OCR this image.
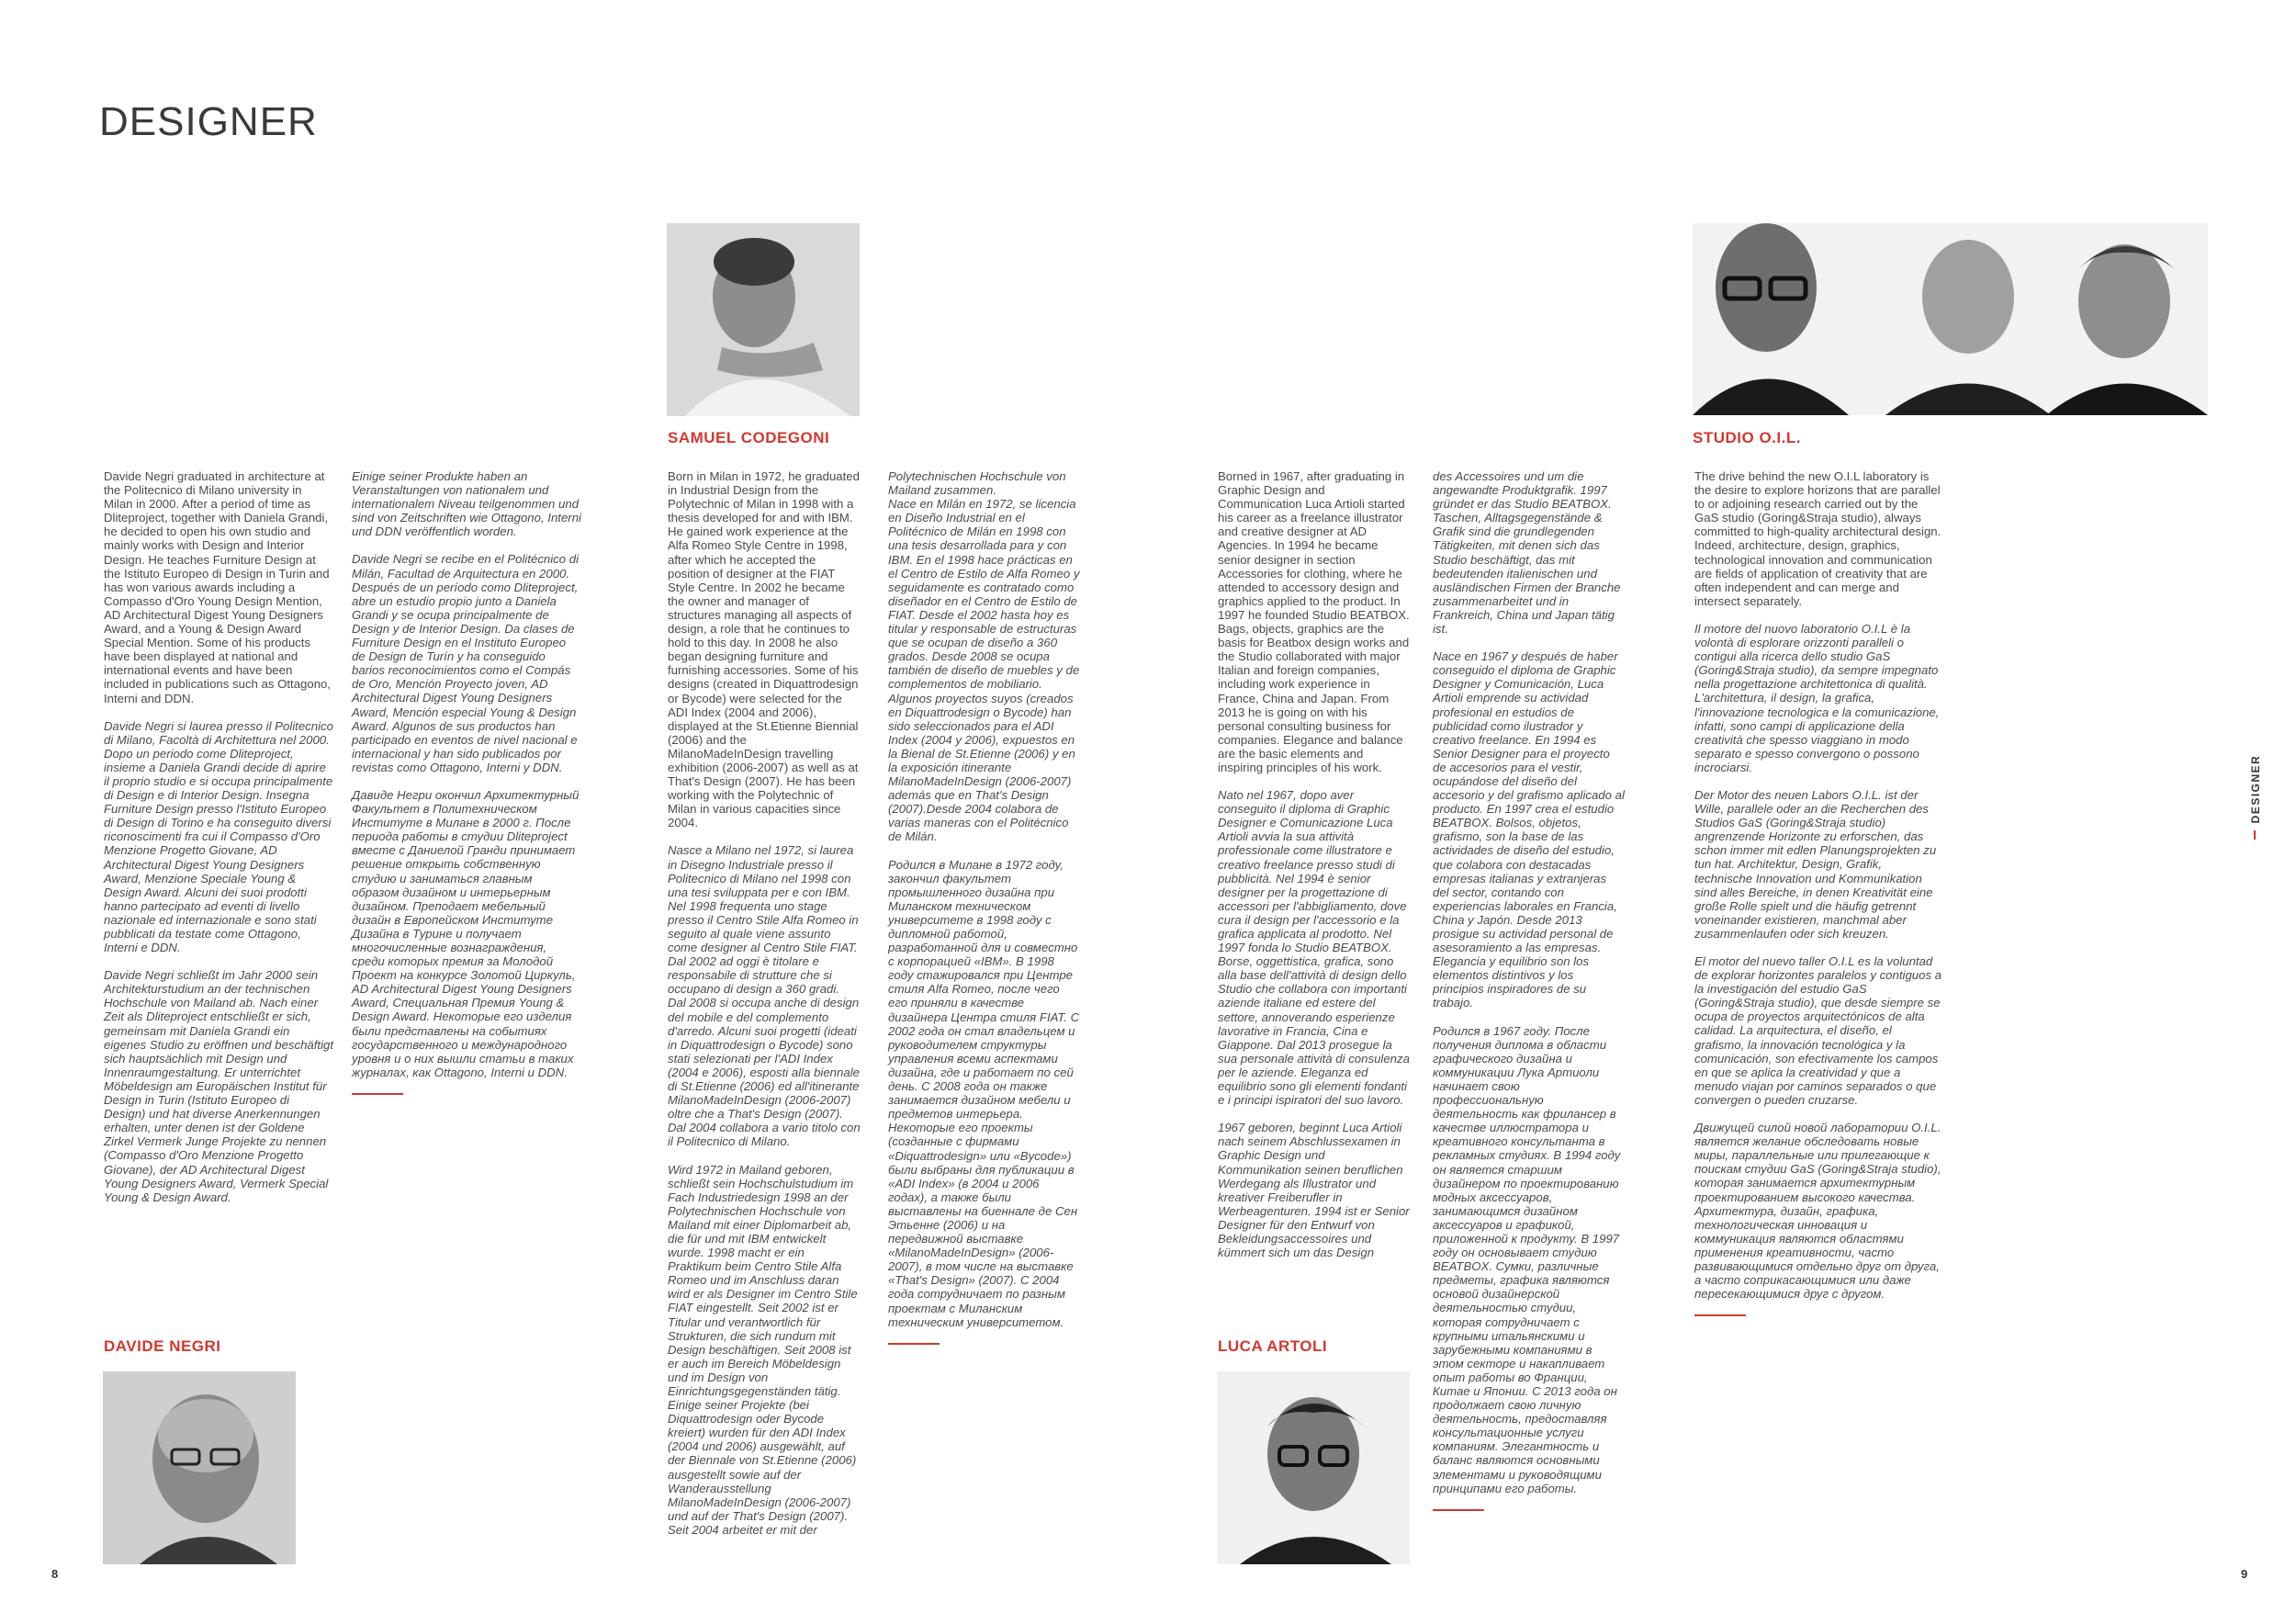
DESIGNER

Davide Negri graduated in architecture at the Politecnico di Milano university in Milan in 2000. After a period of time as Dliteproject, together with Daniela Grandi, he decided to open his own studio and mainly works with Design and Interior Design. He teaches Furniture Design at the Istituto Europeo di Design in Turin and has won various awards including a Compasso d'Oro Young Design Mention, AD Architectural Digest Young Designers Award, and a Young & Design Award Special Mention. Some of his products have been displayed at national and international events and have been included in publications such as Ottagono, Interni and DDN.

Davide Negri si laurea presso il Politecnico di Milano, Facoltà di Architettura nel 2000. Dopo un periodo come Dliteproject, insieme a Daniela Grandi decide di aprire il proprio studio e si occupa principalmente di Design e di Interior Design. Insegna Furniture Design presso l'Istituto Europeo di Design di Torino e ha conseguito diversi riconoscimenti fra cui il Compasso d'Oro Menzione Progetto Giovane, AD Architectural Digest Young Designers Award, Menzione Speciale Young & Design Award. Alcuni dei suoi prodotti hanno partecipato ad eventi di livello nazionale ed internazionale e sono stati pubblicati da testate come Ottagono, Interni e DDN.

Davide Negri schließt im Jahr 2000 sein Architekturstudium an der technischen Hochschule von Mailand ab. Nach einer Zeit als Dliteproject entschließt er sich, gemeinsam mit Daniela Grandi ein eigenes Studio zu eröffnen und beschäftigt sich hauptsächlich mit Design und Innenraumgestaltung. Er unterrichtet Möbeldesign am Europäischen Institut für Design in Turin (Istituto Europeo di Design) und hat diverse Anerkennungen erhalten, unter denen ist der Goldene Zirkel Vermerk Junge Projekte zu nennen (Compasso d'Oro Menzione Progetto Giovane), der AD Architectural Digest Young Designers Award, Vermerk Special Young & Design Award.

Einige seiner Produkte haben an Veranstaltungen von nationalem und internationalem Niveau teilgenommen und sind von Zeitschriften wie Ottagono, Interni und DDN veröffentlich worden.

Davide Negri se recibe en el Politécnico di Milán, Facultad de Arquitectura en 2000. Después de un período como Dliteproject, abre un estudio propio junto a Daniela Grandi y se ocupa principalmente de Design y de Interior Design. Da clases de Furniture Design en el Instituto Europeo de Design de Turín y ha conseguido barios reconocimientos como el Compás de Oro, Mención Proyecto joven, AD Architectural Digest Young Designers Award, Mención especial Young & Design Award. Algunos de sus productos han participado en eventos de nivel nacional e internacional y han sido publicados por revistas como Ottagono, Interni y DDN.

Давиде Негри окончил Архитектурный Факультет в Политехническом Институте в Милане в 2000 г. После периода работы в студии Dliteproject вместе с Даниелой Гранди принимает решение открыть собственную студию и заниматься главным образом дизайном и интерьерным дизайном. Преподает мебельный дизайн в Европейском Институте Дизайна в Турине и получает многочисленные вознаграждения, среди которых премия за Молодой Проект на конкурсе Золотой Циркуль, AD Architectural Digest Young Designers Award, Специальная Премия Young & Design Award. Некоторые его изделия были представлены на событиях государственного и международного уровня и о них вышли статьи в таких журналах, как Ottagono, Interni и DDN.

DAVIDE NEGRI
SAMUEL CODEGONI

Born in Milan in 1972, he graduated in Industrial Design from the Polytechnic of Milan in 1998 with a thesis developed for and with IBM. He gained work experience at the Alfa Romeo Style Centre in 1998, after which he accepted the position of designer at the FIAT Style Centre. In 2002 he became the owner and manager of structures managing all aspects of design, a role that he continues to hold to this day. In 2008 he also began designing furniture and furnishing accessories. Some of his designs (created in Diquattrodesign or Bycode) were selected for the ADI Index (2004 and 2006), displayed at the St.Etienne Biennial (2006) and the MilanoMadeInDesign travelling exhibition (2006-2007) as well as at That's Design (2007). He has been working with the Polytechnic of Milan in various capacities since 2004.

Nasce a Milano nel 1972, si laurea in Disegno Industriale presso il Politecnico di Milano nel 1998 con una tesi sviluppata per e con IBM. Nel 1998 frequenta uno stage presso il Centro Stile Alfa Romeo in seguito al quale viene assunto come designer al Centro Stile FIAT. Dal 2002 ad oggi è titolare e responsabile di strutture che si occupano di design a 360 gradi. Dal 2008 si occupa anche di design del mobile e del complemento d'arredo. Alcuni suoi progetti (ideati in Diquattrodesign o Bycode) sono stati selezionati per l'ADI Index (2004 e 2006), esposti alla biennale di St.Etienne (2006) ed all'itinerante MilanoMadeInDesign (2006-2007) oltre che a That's Design (2007). Dal 2004 collabora a vario titolo con il Politecnico di Milano.

Wird 1972 in Mailand geboren, schließt sein Hochschulstudium im Fach Industriedesign 1998 an der Polytechnischen Hochschule von Mailand mit einer Diplomarbeit ab, die für und mit IBM entwickelt wurde. 1998 macht er ein Praktikum beim Centro Stile Alfa Romeo und im Anschluss daran wird er als Designer im Centro Stile FIAT eingestellt. Seit 2002 ist er Titular und verantwortlich für Strukturen, die sich rundum mit Design beschäftigen. Seit 2008 ist er auch im Bereich Möbeldesign und im Design von Einrichtungsgegenständen tätig. Einige seiner Projekte (bei Diquattrodesign oder Bycode kreiert) wurden für den ADI Index (2004 und 2006) ausgewählt, auf der Biennale von St.Etienne (2006) ausgestellt sowie auf der Wanderausstellung MilanoMadeInDesign (2006-2007) und auf der That's Design (2007). Seit 2004 arbeitet er mit der

Polytechnischen Hochschule von Mailand zusammen.

Nace en Milán en 1972, se licencia en Diseño Industrial en el Politécnico de Milán en 1998 con una tesis desarrollada para y con IBM. En el 1998 hace prácticas en el Centro de Estilo de Alfa Romeo y seguidamente es contratado como diseñador en el Centro de Estilo de FIAT. Desde el 2002 hasta hoy es titular y responsable de estructuras que se ocupan de diseño a 360 grados. Desde 2008 se ocupa también de diseño de muebles y de complementos de mobiliario. Algunos proyectos suyos (creados en Diquattrodesign o Bycode) han sido seleccionados para el ADI Index (2004 y 2006), expuestos en la Bienal de St.Etienne (2006) y en la exposición itinerante MilanoMadeInDesign (2006-2007) además que en That's Design (2007).Desde 2004 colabora de varias maneras con el Politécnico de Milán.

Родился в Милане в 1972 году, закончил факультет промышленного дизайна при Миланском техническом университете в 1998 году с дипломной работой, разработанной для и совместно с корпорацией «IBM». В 1998 году стажировался при Центре стиля Alfa Romeo, после чего его приняли в качестве дизайнера Центра стиля FIAT. С 2002 года он стал владельцем и руководителем структуры управления всеми аспектами дизайна, где и работает по сей день. С 2008 года он также занимается дизайном мебели и предметов интерьера. Некоторые его проекты (созданные с фирмами «Diquattrodesign» или «Bycode») были выбраны для публикации в «ADI Index» (в 2004 и 2006 годах), а также были выставлены на биеннале де Сен Этьенне (2006) и на передвижной выставке «MilanoMadeInDesign» (2006-2007), в том числе на выставке «That's Design» (2007). С 2004 года сотрудничает по разным проектам с Миланским техническим университетом.

Borned in 1967, after graduating in Graphic Design and Communication Luca Artioli started his career as a freelance illustrator and creative designer at AD Agencies. In 1994 he became senior designer in section Accessories for clothing, where he attended to accessory design and graphics applied to the product. In 1997 he founded Studio BEATBOX. Bags, objects, graphics are the basis for Beatbox design works and the Studio collaborated with major Italian and foreign companies, including work experience in France, China and Japan. From 2013 he is going on with his personal consulting business for companies. Elegance and balance are the basic elements and inspiring principles of his work.

Nato nel 1967, dopo aver conseguito il diploma di Graphic Designer e Comunicazione Luca Artioli avvia la sua attività professionale come illustratore e creativo freelance presso studi di pubblicità. Nel 1994 è senior designer per la progettazione di accessori per l'abbigliamento, dove cura il design per l'accessorio e la grafica applicata al prodotto. Nel 1997 fonda lo Studio BEATBOX. Borse, oggettistica, grafica, sono alla base dell'attività di design dello Studio che collabora con importanti aziende italiane ed estere del settore, annoverando esperienze lavorative in Francia, Cina e Giappone. Dal 2013 prosegue la sua personale attività di consulenza per le aziende. Eleganza ed equilibrio sono gli elementi fondanti e i principi ispiratori del suo lavoro.

1967 geboren, beginnt Luca Artioli nach seinem Abschlussexamen in Graphic Design und Kommunikation seinen beruflichen Werdegang als Illustrator und kreativer Freiberufler in Werbeagenturen. 1994 ist er Senior Designer für den Entwurf von Bekleidungsaccessoires und kümmert sich um das Design

des Accessoires und um die angewandte Produktgrafik. 1997 gründet er das Studio BEATBOX. Taschen, Alltagsgegenstände & Grafik sind die grundlegenden Tätigkeiten, mit denen sich das Studio beschäftigt, das mit bedeutenden italienischen und ausländischen Firmen der Branche zusammenarbeitet und in Frankreich, China und Japan tätig ist.

Nace en 1967 y después de haber conseguido el diploma de Graphic Designer y Comunicación, Luca Artioli emprende su actividad profesional en estudios de publicidad como ilustrador y creativo freelance. En 1994 es Senior Designer para el proyecto de accesorios para el vestir, ocupándose del diseño del accesorio y del grafismo aplicado al producto. En 1997 crea el estudio BEATBOX. Bolsos, objetos, grafismo, son la base de las actividades de diseño del estudio, que colabora con destacadas empresas italianas y extranjeras del sector, contando con experiencias laborales en Francia, China y Japón. Desde 2013 prosigue su actividad personal de asesoramiento a las empresas. Elegancia y equilibrio son los elementos distintivos y los principios inspiradores de su trabajo.

Родился в 1967 году. После получения диплома в области графического дизайна и коммуникации Лука Артиоли начинает свою профессиональную деятельность как фрилансер в качестве иллюстратора и креативного консультанта в рекламных студиях. В 1994 году он является старшим дизайнером по проектированию модных аксессуаров, занимающимся дизайном аксессуаров и графикой, приложенной к продукту. В 1997 году он основывает студию BEATBOX. Сумки, различные предметы, графика являются основой дизайнерской деятельностью студии, которая сотрудничает с крупными итальянскими и зарубежными компаниями в этом секторе и накапливает опыт работы во Франции, Китае и Японии. С 2013 года он продолжает свою личную деятельность, предоставляя консультационные услуги компаниям. Элегантность и баланс являются основными элементами и руководящими принципами его работы.

LUCA ARTOLI
STUDIO O.I.L.

The drive behind the new O.I.L laboratory is the desire to explore horizons that are parallel to or adjoining research carried out by the GaS studio (Goring&Straja studio), always committed to high-quality architectural design. Indeed, architecture, design, graphics, technological innovation and communication are fields of application of creativity that are often independent and can merge and intersect separately.

Il motore del nuovo laboratorio O.I.L è la volontà di esplorare orizzonti paralleli o contigui alla ricerca dello studio GaS (Goring&Straja studio), da sempre impegnato nella progettazione architettonica di qualità. L'architettura, il design, la grafica, l'innovazione tecnologica e la comunicazione, infatti, sono campi di applicazione della creatività che spesso viaggiano in modo separato e spesso convergono o possono incrociarsi.

Der Motor des neuen Labors O.I.L. ist der Wille, parallele oder an die Recherchen des Studios GaS (Goring&Straja studio) angrenzende Horizonte zu erforschen, das schon immer mit edlen Planungsprojekten zu tun hat. Architektur, Design, Grafik, technische Innovation und Kommunikation sind alles Bereiche, in denen Kreativität eine große Rolle spielt und die häufig getrennt voneinander existieren, manchmal aber zusammenlaufen oder sich kreuzen.

El motor del nuevo taller O.I.L es la voluntad de explorar horizontes paralelos y contiguos a la investigación del estudio GaS (Goring&Straja studio), que desde siempre se ocupa de proyectos arquitectónicos de alta calidad. La arquitectura, el diseño, el grafismo, la innovación tecnológica y la comunicación, son efectivamente los campos en que se aplica la creatividad y que a menudo viajan por caminos separados o que convergen o pueden cruzarse.

Движущей силой новой лаборатории O.I.L. является желание обследовать новые миры, параллельные или прилегающие к поискам студии GaS (Goring&Straja studio), которая занимается архитектурным проектированием высокого качества. Архитектура, дизайн, графика, технологическая инновация и коммуникация являются областями применения креативности, часто развивающимися отдельно друг от друга, а часто соприкасающимися или даже пересекающимися друг с другом.

DESIGNER
8	9
